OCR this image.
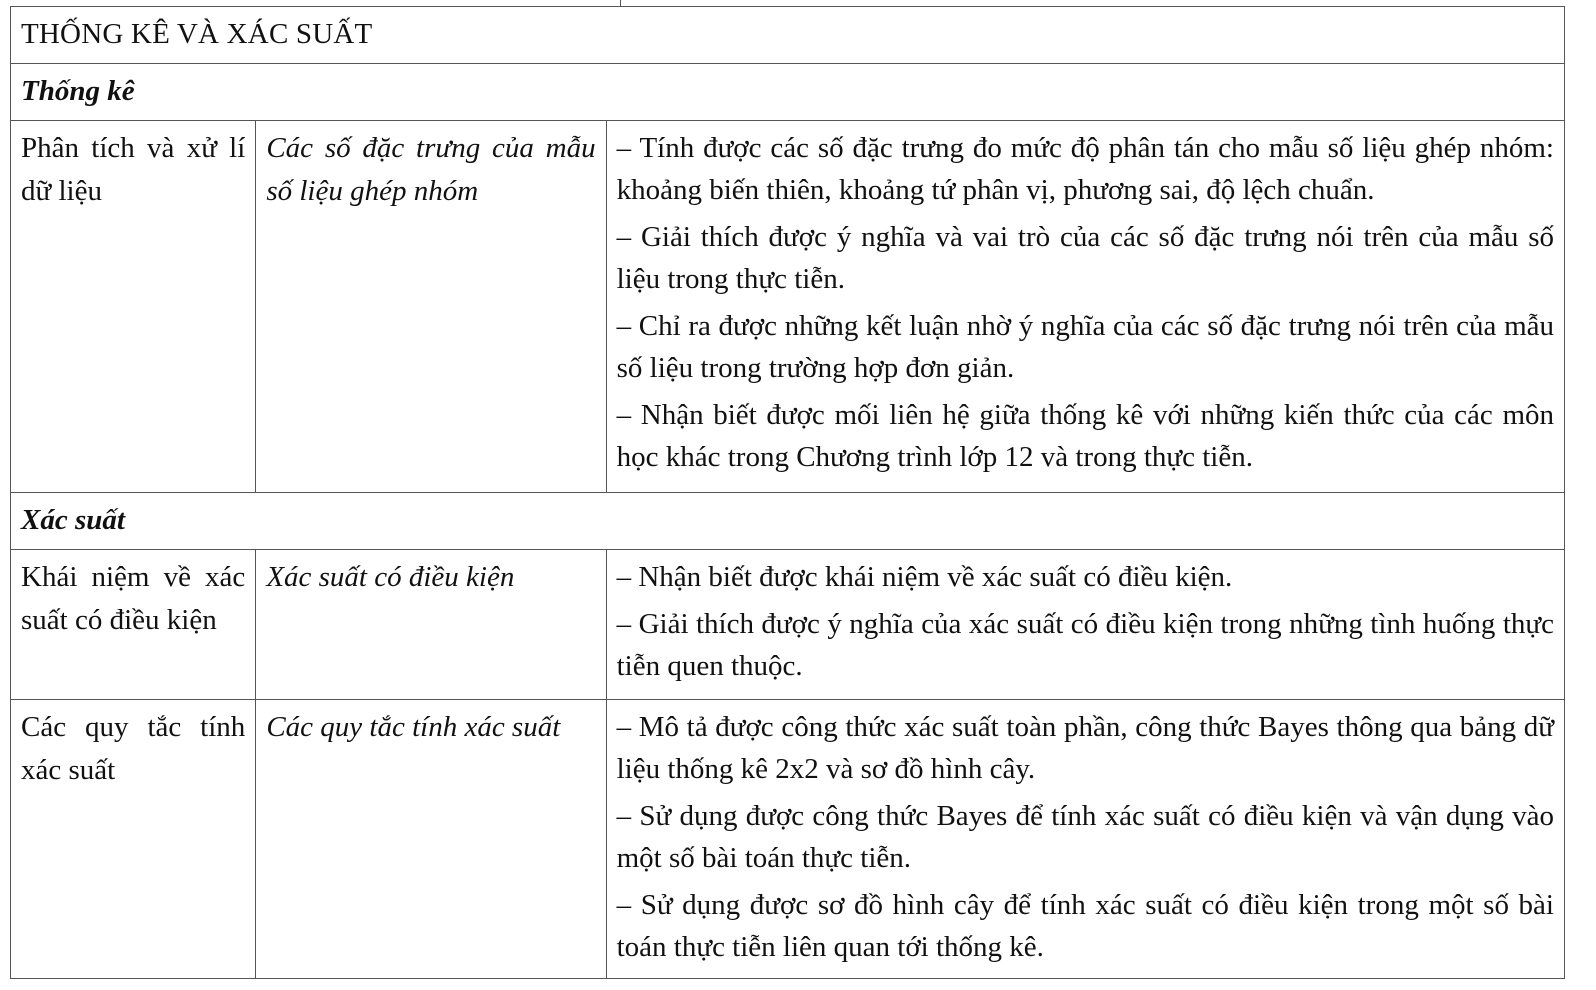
THỐNG KÊ VÀ XÁC SUẤT		
Thống kê		
Phân tích và xử lí dữ liệu	Các số đặc trưng của mẫu số liệu ghép nhóm	– Tính được các số đặc trưng đo mức độ phân tán cho mẫu số liệu ghép nhóm: khoảng biến thiên, khoảng tứ phân vị, phương sai, độ lệch chuẩn.
– Giải thích được ý nghĩa và vai trò của các số đặc trưng nói trên của mẫu số liệu trong thực tiễn.
– Chỉ ra được những kết luận nhờ ý nghĩa của các số đặc trưng nói trên của mẫu số liệu trong trường hợp đơn giản.
– Nhận biết được mối liên hệ giữa thống kê với những kiến thức của các môn học khác trong Chương trình lớp 12 và trong thực tiễn.

Xác suất		
Khái niệm về xác suất có điều kiện	Xác suất có điều kiện	– Nhận biết được khái niệm về xác suất có điều kiện.
– Giải thích được ý nghĩa của xác suất có điều kiện trong những tình huống thực tiễn quen thuộc.

Các quy tắc tính xác suất	Các quy tắc tính xác suất	– Mô tả được công thức xác suất toàn phần, công thức Bayes thông qua bảng dữ liệu thống kê 2x2 và sơ đồ hình cây.
– Sử dụng được công thức Bayes để tính xác suất có điều kiện và vận dụng vào một số bài toán thực tiễn.
– Sử dụng được sơ đồ hình cây để tính xác suất có điều kiện trong một số bài toán thực tiễn liên quan tới thống kê.
